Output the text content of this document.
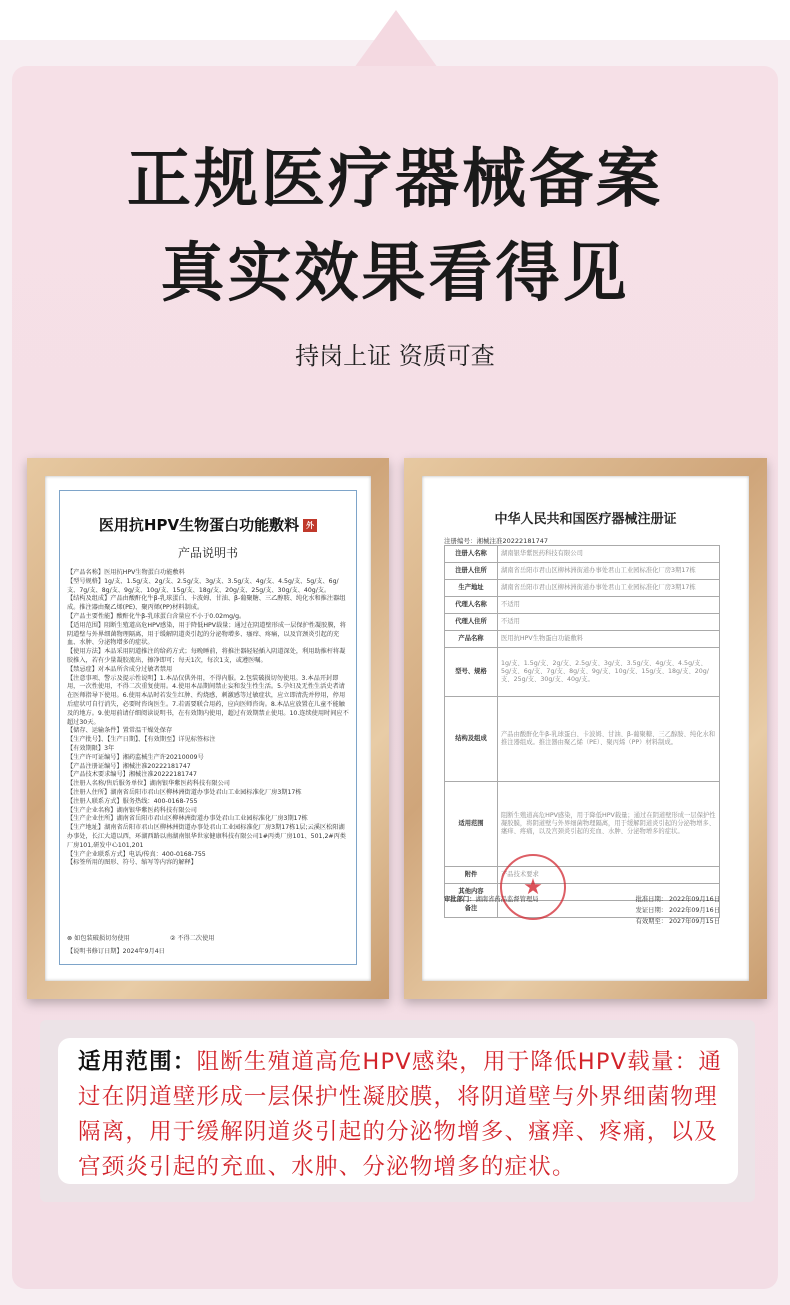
正规医疗器械备案
真实效果看得见
持岗上证 资质可查
医用抗HPV生物蛋白功能敷料 外
产品说明书
【产品名称】医用抗HPV生物蛋白功能敷料
【型号规格】1g/支、1.5g/支、2g/支、2.5g/支、3g/支、3.5g/支、4g/支、4.5g/支、5g/支、6g/支、7g/支、8g/支、9g/支、10g/支、15g/支、18g/支、20g/支、25g/支、30g/支、40g/支。
【结构及组成】产品由酸酐化牛β-乳球蛋白、卡波姆、甘油、β-葡聚糖、三乙醇胺、纯化水和推注器组成。推注器由聚乙烯(PE)、聚丙烯(PP)材料制成。
【产品主要性能】酸酐化牛β-乳球蛋白含量应不小于0.02mg/g。
【适用范围】阻断生殖道高危HPV感染，用于降低HPV载量；通过在阴道壁形成一层保护性凝胶膜，将阴道壁与外界细菌物理隔离，用于缓解阴道炎引起的分泌物增多、瘙痒、疼痛，以及宫颈炎引起的充血、水肿、分泌物增多的症状。
【使用方法】本品采用阴道推注的给药方式；每晚睡前，将推注器轻轻插入阴道深处，利用助推杆将凝胶推入，若有少量凝胶流出，擦净即可；每天1次，每次1支，或遵医嘱。
【禁忌症】对本品所含成分过敏者禁用
【注意事项、警示及提示性说明】1.本品仅供外用，不得内服。2.包装破损切勿使用。3.本品开封即用，一次性使用，不得二次重复使用。4.使用本品期间禁止妄和发生性生活。5.孕妇及无性生活史者请在医师指导下使用。6.使用本品时若发生红肿、灼烧感，刺激感等过敏症状，应立即清洗并停用，停用后症状可自行消失，必要时咨询医生。7.若需要联合用药，应向医师咨询。8.本品应放置在儿童不能触及的地方。9.使用前请仔细阅读说明书，在有效期内使用，超过有效期禁止使用。10.连续使用时间应不超过30天。
【储存、运输条件】置常温干燥处保存
【生产批号】、【生产日期】、【有效期至】详见标签标注
【有效期限】3年
【生产许可证编号】湘药监械生产许20210009号
【产品注册证编号】湘械注准20222181747
【产品技术要求编号】湘械注准20222181747
【注册人名称/售后服务单位】湖南银华紫医药科技有限公司
【注册人住所】湖南省岳阳市君山区柳林洲街道办事处君山工业园标准化厂房3期17栋
【注册人联系方式】服务热线：400-0168-755
【生产企业名称】湖南银华紫医药科技有限公司
【生产企业住所】湖南省岳阳市君山区柳林洲街道办事处君山工业园标准化厂房3期17栋
【生产地址】湖南省岳阳市君山区柳林洲街道办事处君山工业园标准化厂房3期17栋1层;云溪区松阳湖办事处，长江大道以西，环湖西路以南湖南银华世家健康科技有限公司1#丙类厂房101、501,2#丙类厂房101,研发中心101,201
【生产企业联系方式】电话/传真：400-0168-755
【标签所用的图形、符号、缩写等内容的解释】
⊗ 如包装破损切勿使用	② 不得二次使用
【说明书修订日期】2024年9月4日
中华人民共和国医疗器械注册证
注册编号：湘械注准20222181747
注册人名称	湖南银华紫医药科技有限公司
注册人住所	湖南省岳阳市君山区柳林洲街道办事处君山工业园标准化厂房3期17栋
生产地址	湖南省岳阳市君山区柳林洲街道办事处君山工业园标准化厂房3期17栋
代理人名称	不适用
代理人住所	不适用
产品名称	医用抗HPV生物蛋白功能敷料
型号、规格	1g/支、1.5g/支、2g/支、2.5g/支、3g/支、3.5g/支、4g/支、4.5g/支、5g/支、6g/支、7g/支、8g/支、9g/支、10g/支、15g/支、18g/支、20g/支、25g/支、30g/支、40g/支。
结构及组成	产品由酸酐化牛β-乳球蛋白、卡波姆、甘油、β-葡聚糖、三乙醇胺、纯化水和推注器组成。推注器由聚乙烯（PE）、聚丙烯（PP）材料制成。
适用范围	阻断生殖道高危HPV感染，用于降低HPV载量；通过在阴道壁形成一层保护性凝胶膜，将阴道壁与外界细菌物理隔离，用于缓解阴道炎引起的分泌物增多、瘙痒、疼痛，以及宫颈炎引起的充血、水肿、分泌物增多的症状。
附件	产品技术要求
其他内容	
备注	
审批部门：湖南省药品监督管理局	批准日期： 2022年09月16日
发证日期： 2022年09月16日
有效期至： 2027年09月15日
★
适用范围：阻断生殖道高危HPV感染，用于降低HPV载量：通过在阴道壁形成一层保护性凝胶膜，将阴道壁与外界细菌物理隔离，用于缓解阴道炎引起的分泌物增多、瘙痒、疼痛，以及宫颈炎引起的充血、水肿、分泌物增多的症状。
